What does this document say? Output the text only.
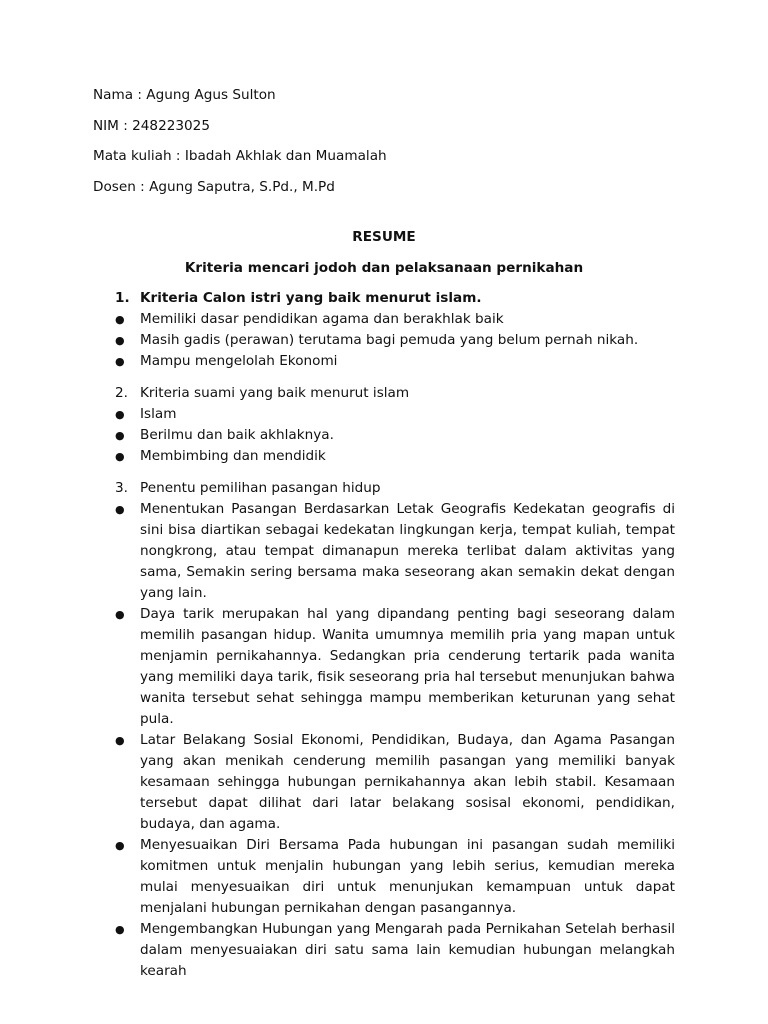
Nama : Agung Agus Sulton

NIM : 248223025

Mata kuliah : Ibadah Akhlak dan Muamalah

Dosen : Agung Saputra, S.Pd., M.Pd

RESUME

Kriteria mencari jodoh dan pelaksanaan pernikahan

1. Kriteria Calon istri yang baik menurut islam.
●	Memiliki dasar pendidikan agama dan berakhlak baik
●	Masih gadis (perawan) terutama bagi pemuda yang belum pernah nikah.
●	Mampu mengelolah Ekonomi
2. Kriteria suami yang baik menurut islam
●	Islam
●	Berilmu dan baik akhlaknya.
●	Membimbing dan mendidik
3. Penentu pemilihan pasangan hidup
●	Menentukan Pasangan Berdasarkan Letak Geografis Kedekatan geografis di sini bisa diartikan sebagai kedekatan lingkungan kerja, tempat kuliah, tempat nongkrong, atau tempat dimanapun mereka terlibat dalam aktivitas yang sama, Semakin sering bersama maka seseorang akan semakin dekat dengan yang lain.
●	Daya tarik merupakan hal yang dipandang penting bagi seseorang dalam memilih pasangan hidup. Wanita umumnya memilih pria yang mapan untuk menjamin pernikahannya. Sedangkan pria cenderung tertarik pada wanita yang memiliki daya tarik, fisik seseorang pria hal tersebut menunjukan bahwa wanita tersebut sehat sehingga mampu memberikan keturunan yang sehat pula.
●	Latar Belakang Sosial Ekonomi, Pendidikan, Budaya, dan Agama Pasangan yang akan menikah cenderung memilih pasangan yang memiliki banyak kesamaan sehingga hubungan pernikahannya akan lebih stabil. Kesamaan tersebut dapat dilihat dari latar belakang sosisal ekonomi, pendidikan, budaya, dan agama.
●	Menyesuaikan Diri Bersama Pada hubungan ini pasangan sudah memiliki komitmen untuk menjalin hubungan yang lebih serius, kemudian mereka mulai menyesuaikan diri untuk menunjukan kemampuan untuk dapat menjalani hubungan pernikahan dengan pasangannya.
●	Mengembangkan Hubungan yang Mengarah pada Pernikahan Setelah berhasil dalam menyesuaiakan diri satu sama lain kemudian hubungan melangkah kearah
